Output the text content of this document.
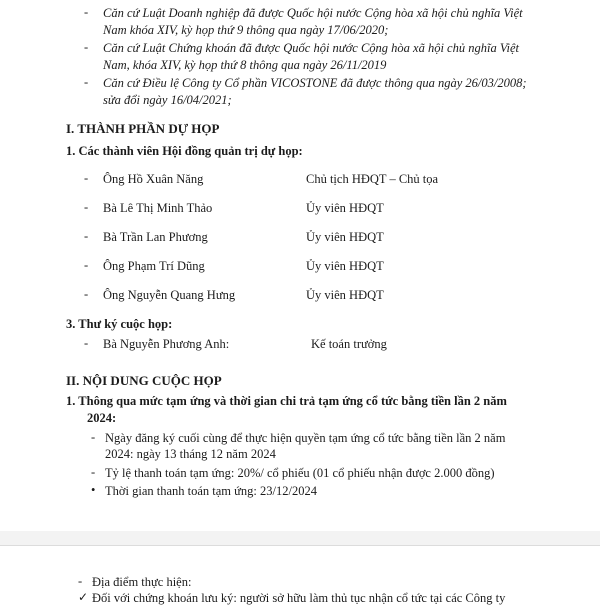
- Căn cứ Luật Doanh nghiệp đã được Quốc hội nước Cộng hòa xã hội chủ nghĩa Việt
Nam khóa XIV, kỳ họp thứ 9 thông qua ngày 17/06/2020;
- Căn cứ Luật Chứng khoán đã được Quốc hội nước Cộng hòa xã hội chủ nghĩa Việt
Nam, khóa XIV, kỳ họp thứ 8 thông qua ngày 26/11/2019
- Căn cứ Điều lệ Công ty Cổ phần VICOSTONE đã được thông qua ngày 26/03/2008;
sửa đổi ngày 16/04/2021;
I. THÀNH PHẦN DỰ HỌP
1. Các thành viên Hội đồng quản trị dự họp:
- Ông Hồ Xuân Năng	Chủ tịch HĐQT – Chủ tọa
- Bà Lê Thị Minh Thảo	Ủy viên HĐQT
- Bà Trần Lan Phương	Ủy viên HĐQT
- Ông Phạm Trí Dũng	Ủy viên HĐQT
- Ông Nguyễn Quang Hưng	Ủy viên HĐQT
3. Thư ký cuộc họp:
- Bà Nguyễn Phương Anh:	Kế toán trưởng
II. NỘI DUNG CUỘC HỌP
1. Thông qua mức tạm ứng và thời gian chi trả tạm ứng cổ tức bằng tiền lần 2 năm
2024:
- Ngày đăng ký cuối cùng để thực hiện quyền tạm ứng cổ tức bằng tiền lần 2 năm
2024: ngày 13 tháng 12 năm 2024
- Tỷ lệ thanh toán tạm ứng: 20%/ cổ phiếu (01 cổ phiếu nhận được 2.000 đồng)
• Thời gian thanh toán tạm ứng: 23/12/2024
- Địa điểm thực hiện:
✓ Đối với chứng khoán lưu ký: người sở hữu làm thủ tục nhận cổ tức tại các Công ty
